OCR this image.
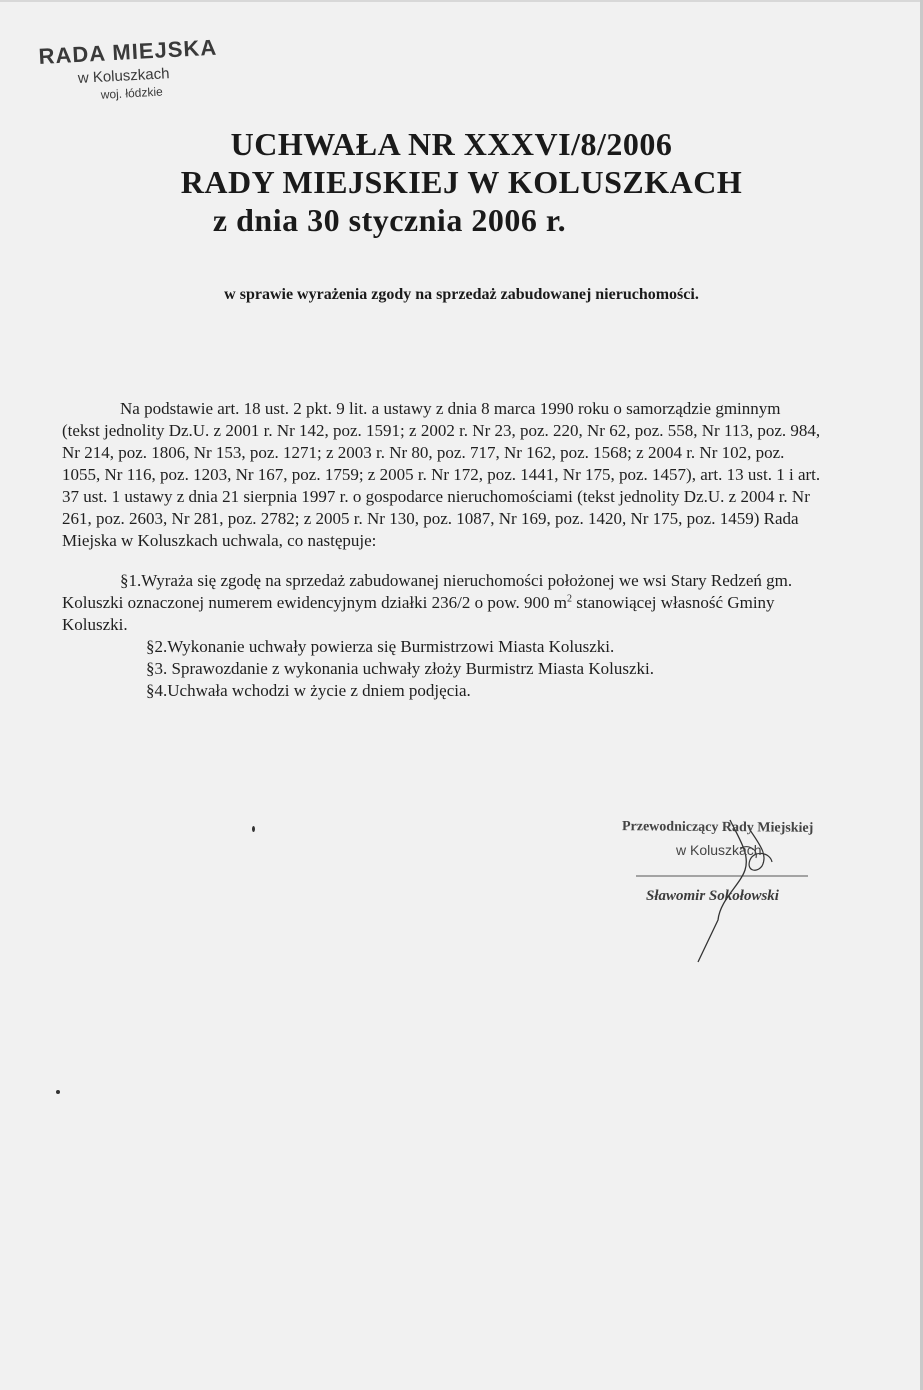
RADA MIEJSKA
w Koluszkach
woj. łódzkie
UCHWAŁA NR XXXVI/8/2006
RADY MIEJSKIEJ W KOLUSZKACH
z dnia 30 stycznia 2006 r.
w sprawie wyrażenia zgody na sprzedaż zabudowanej nieruchomości.

Na podstawie art. 18 ust. 2 pkt. 9 lit. a ustawy z dnia 8 marca 1990 roku o samorządzie gminnym (tekst jednolity Dz.U. z 2001 r. Nr 142, poz. 1591; z 2002 r. Nr 23, poz. 220, Nr 62, poz. 558, Nr 113, poz. 984, Nr 214, poz. 1806, Nr 153, poz. 1271; z 2003 r. Nr 80, poz. 717, Nr 162, poz. 1568; z 2004 r. Nr 102, poz. 1055, Nr 116, poz. 1203, Nr 167, poz. 1759; z 2005 r. Nr 172, poz. 1441, Nr 175, poz. 1457), art. 13 ust. 1 i art. 37 ust. 1 ustawy z dnia 21 sierpnia 1997 r. o gospodarce nieruchomościami (tekst jednolity Dz.U. z 2004 r. Nr 261, poz. 2603, Nr 281, poz. 2782; z 2005 r. Nr 130, poz. 1087, Nr 169, poz. 1420, Nr 175, poz. 1459) Rada Miejska w Koluszkach uchwala, co następuje:

§1.Wyraża się zgodę na sprzedaż zabudowanej nieruchomości położonej we wsi Stary Redzeń gm. Koluszki oznaczonej numerem ewidencyjnym działki 236/2 o pow. 900 $m^2$ stanowiącej własność Gminy Koluszki.

§2.Wykonanie uchwały powierza się Burmistrzowi Miasta Koluszki.

§3. Sprawozdanie z wykonania uchwały złoży Burmistrz Miasta Koluszki.

§4.Uchwała wchodzi w życie z dniem podjęcia.

Przewodniczący Rady Miejskiej
w Koluszkach
Sławomir Sokołowski
